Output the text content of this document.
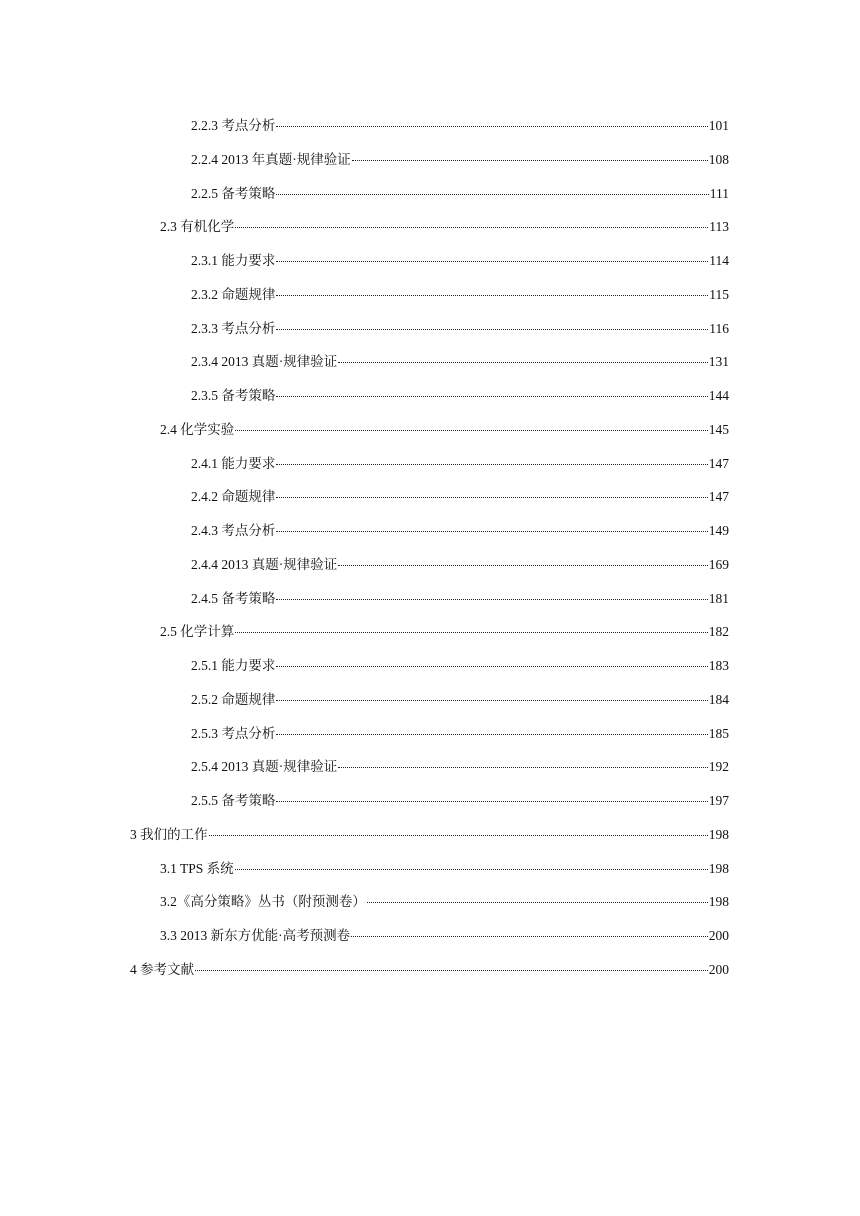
2.2.3 考点分析	101
2.2.4 2013 年真题·规律验证	108
2.2.5 备考策略	111
2.3 有机化学	113
2.3.1 能力要求	114
2.3.2 命题规律	115
2.3.3 考点分析	116
2.3.4 2013 真题·规律验证	131
2.3.5 备考策略	144
2.4 化学实验	145
2.4.1 能力要求	147
2.4.2 命题规律	147
2.4.3 考点分析	149
2.4.4 2013 真题·规律验证	169
2.4.5 备考策略	181
2.5 化学计算	182
2.5.1 能力要求	183
2.5.2 命题规律	184
2.5.3 考点分析	185
2.5.4 2013 真题·规律验证	192
2.5.5 备考策略	197
3 我们的工作	198
3.1 TPS 系统	198
3.2《高分策略》丛书（附预测卷）	198
3.3 2013 新东方优能·高考预测卷	200
4 参考文献	200
